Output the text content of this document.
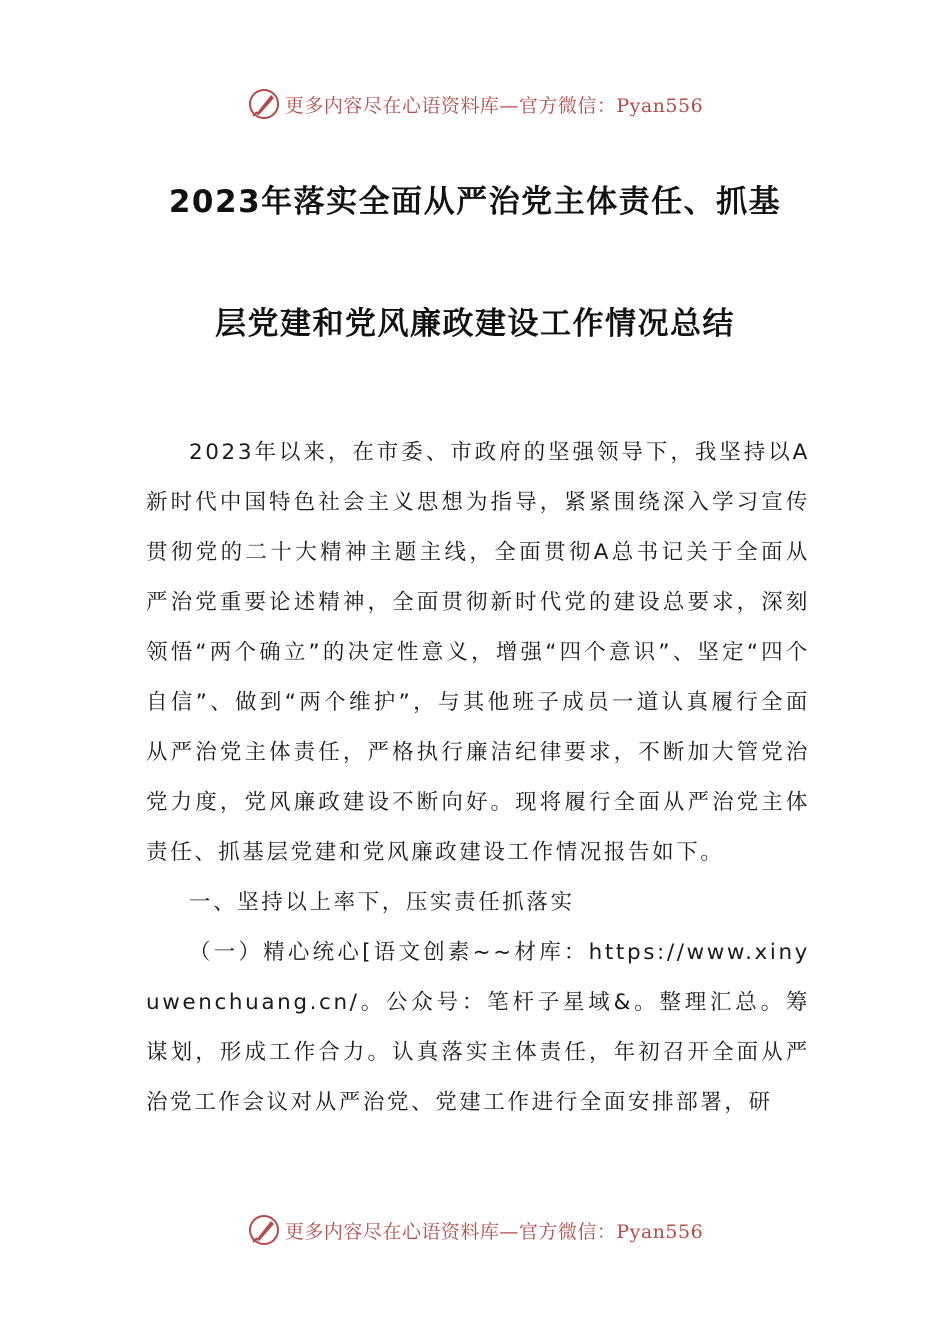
更多内容尽在心语资料库—官方微信：Pyan556
2023年落实全面从严治党主体责任、抓基
层党建和党风廉政建设工作情况总结

2023年以来，在市委、市政府的坚强领导下，我坚持以A新时代中国特色社会主义思想为指导，紧紧围绕深入学习宣传贯彻党的二十大精神主题主线，全面贯彻A总书记关于全面从严治党重要论述精神，全面贯彻新时代党的建设总要求，深刻领悟“两个确立”的决定性意义，增强“四个意识”、坚定“四个自信”、做到“两个维护”，与其他班子成员一道认真履行全面从严治党主体责任，严格执行廉洁纪律要求，不断加大管党治党力度，党风廉政建设不断向好。现将履行全面从严治党主体责任、抓基层党建和党风廉政建设工作情况报告如下。

一、坚持以上率下，压实责任抓落实

（一）精心统心[语文创素~~材库：https://www.xinyuwenchuang.cn/。公众号：笔杆子星域&。整理汇总。筹谋划，形成工作合力。认真落实主体责任，年初召开全面从严治党工作会议对从严治党、党建工作进行全面安排部署，研

更多内容尽在心语资料库—官方微信：Pyan556
